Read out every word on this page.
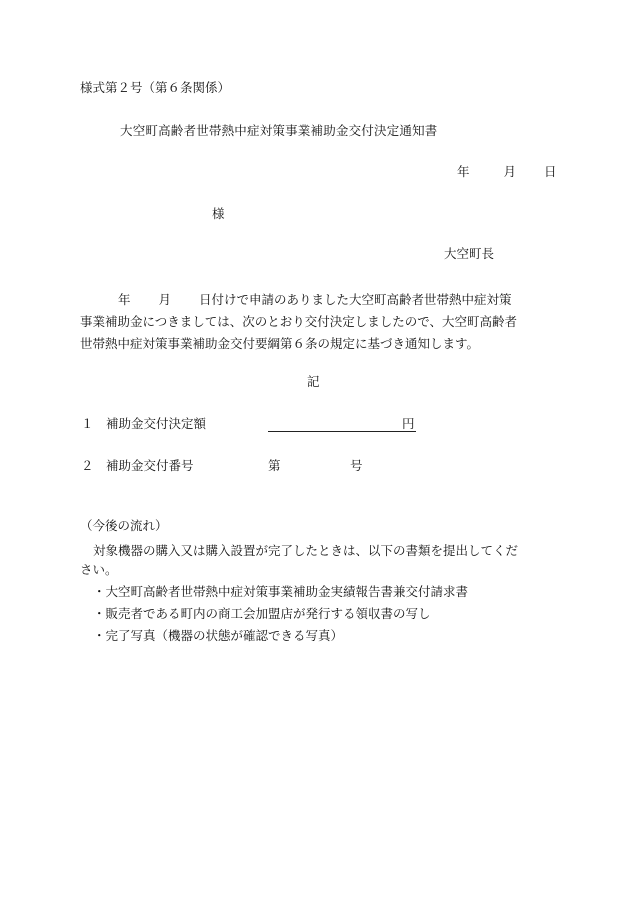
様式第２号（第６条関係）
大空町高齢者世帯熱中症対策事業補助金交付決定通知書
年	月 日
様
大空町長
年 月 日付けで申請のありました大空町高齢者世帯熱中症対策
事業補助金につきましては、次のとおり交付決定しましたので、大空町高齢者
世帯熱中症対策事業補助金交付要綱第６条の規定に基づき通知します。
記
１ 補助金交付決定額	円
２ 補助金交付番号	第	号
（今後の流れ）
対象機器の購入又は購入設置が完了したときは、以下の書類を提出してくだ
さい。
・大空町高齢者世帯熱中症対策事業補助金実績報告書兼交付請求書
・販売者である町内の商工会加盟店が発行する領収書の写し
・完了写真（機器の状態が確認できる写真）
